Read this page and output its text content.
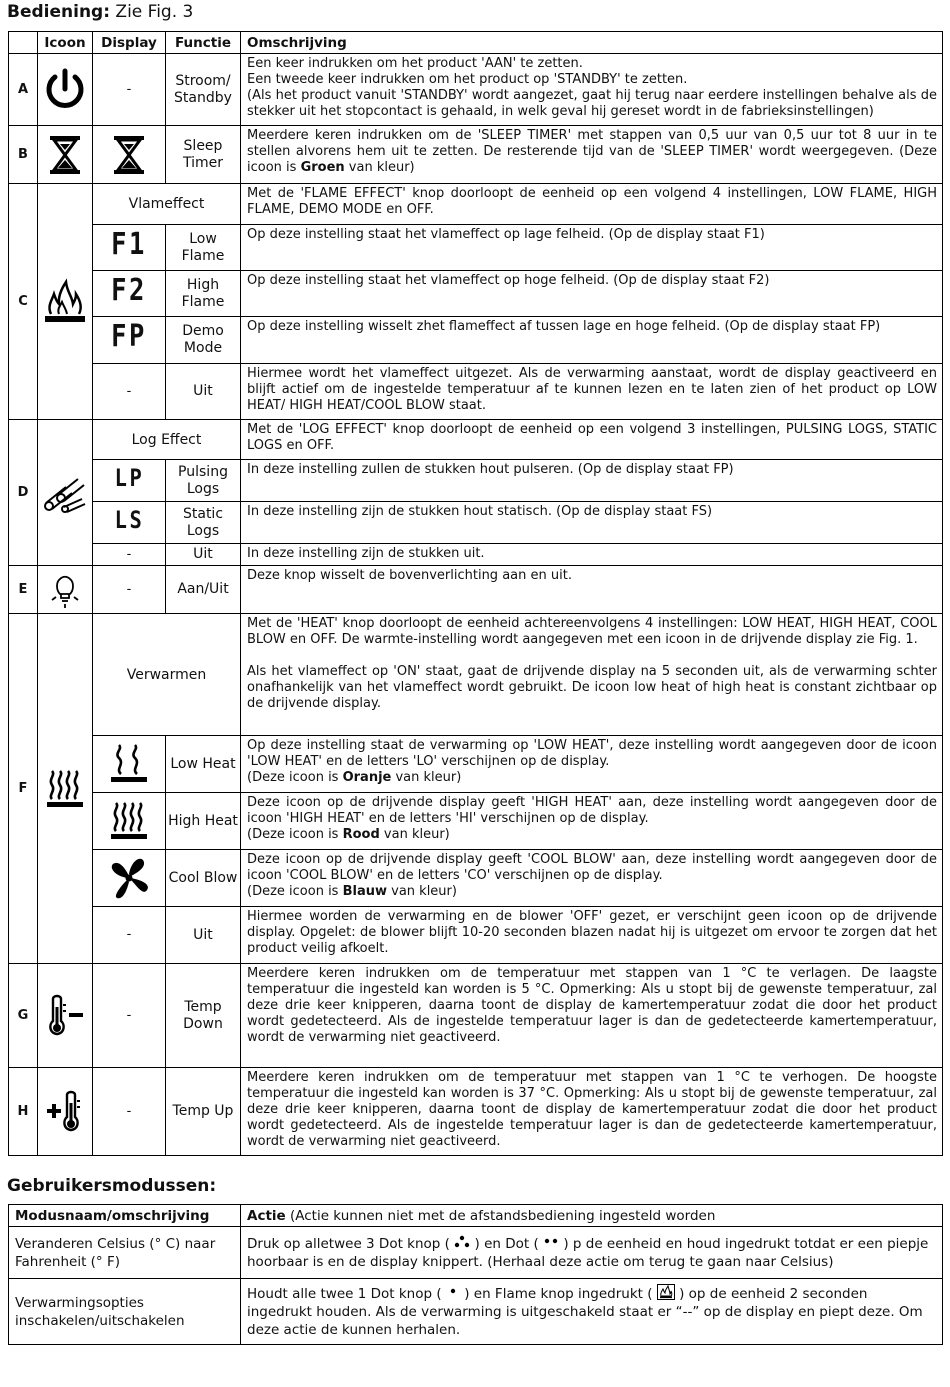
Bediening: Zie Fig. 3
	Icoon	Display	Functie	Omschrijving
A		-	Stroom/ Standby	Een keer indrukken om het product 'AAN' te zetten.

Een tweede keer indrukken om het product op 'STANDBY' te zetten.

(Als het product vanuit 'STANDBY' wordt aangezet, gaat hij terug naar eerdere instellingen behalve als de stekker uit het stopcontact is gehaald, in welk geval hij gereset wordt in de fabrieksinstellingen)

B			Sleep Timer	Meerdere keren indrukken om de 'SLEEP TIMER' met stappen van 0,5 uur van 0,5 uur tot 8 uur in te stellen alvorens hem uit te zetten. De resterende tijd van de 'SLEEP TIMER' wordt weergegeven. (Deze icoon is Groen van kleur)
C		Vlameffect		Met de 'FLAME EFFECT' knop doorloopt de eenheid op een volgend 4 instellingen, LOW FLAME, HIGH FLAME, DEMO MODE en OFF.
		F1	Low Flame	Op deze instelling staat het vlameffect op lage felheid. (Op de display staat F1)
		F2	High Flame	Op deze instelling staat het vlameffect op hoge felheid. (Op de display staat F2)
		FP	Demo Mode	Op deze instelling wisselt zhet flameffect af tussen lage en hoge felheid. (Op de display staat FP)
		-	Uit	Hiermee wordt het vlameffect uitgezet. Als de verwarming aanstaat, wordt de display geactiveerd en blijft actief om de ingestelde temperatuur af te kunnen lezen en te laten zien of het product op LOW HEAT/ HIGH HEAT/COOL BLOW staat.
D		Log Effect		Met de 'LOG EFFECT' knop doorloopt de eenheid op een volgend 3 instellingen, PULSING LOGS, STATIC LOGS en OFF.
		LP	Pulsing Logs	In deze instelling zullen de stukken hout pulseren. (Op de display staat FP)
		LS	Static Logs	In deze instelling zijn de stukken hout statisch. (Op de display staat FS)
		-	Uit	In deze instelling zijn de stukken uit.
E		-	Aan/Uit	Deze knop wisselt de bovenverlichting aan en uit.
F		Verwarmen		Met de 'HEAT' knop doorloopt de eenheid achtereenvolgens 4 instellingen: LOW HEAT, HIGH HEAT, COOL BLOW en OFF. De warmte-instelling wordt aangegeven met een icoon in de drijvende display zie Fig. 1.

Als het vlameffect op 'ON' staat, gaat de drijvende display na 5 seconden uit, als de verwarming schter onafhankelijk van het vlameffect wordt gebruikt. De icoon low heat of high heat is constant zichtbaar op de drijvende display.

	Low Heat	Op deze instelling staat de verwarming op 'LOW HEAT', deze instelling wordt aangegeven door de icoon 'LOW HEAT' en de letters 'LO' verschijnen op de display.
(Deze icoon is Oranje van kleur)

	High Heat	Deze icoon op de drijvende display geeft 'HIGH HEAT' aan, deze instelling wordt aangegeven door de icoon 'HIGH HEAT' en de letters 'HI' verschijnen op de display.
(Deze icoon is Rood van kleur)

	Cool Blow	Deze icoon op de drijvende display geeft 'COOL BLOW' aan, deze instelling wordt aangegeven door de icoon 'COOL BLOW' en de letters 'CO' verschijnen op de display.
(Deze icoon is Blauw van kleur)
		-	Uit	Hiermee worden de verwarming en de blower 'OFF' gezet, er verschijnt geen icoon op de drijvende display. Opgelet: de blower blijft 10-20 seconden blazen nadat hij is uitgezet om ervoor te zorgen dat het product veilig afkoelt.
G		-	Temp Down	Meerdere keren indrukken om de temperatuur met stappen van 1 °C te verlagen. De laagste temperatuur die ingesteld kan worden is 5 °C. Opmerking: Als u stopt bij de gewenste temperatuur, zal deze drie keer knipperen, daarna toont de display de kamertemperatuur zodat die door het product wordt gedetecteerd. Als de ingestelde temperatuur lager is dan de gedetecteerde kamertemperatuur, wordt de verwarming niet geactiveerd.
H		-	Temp Up	Meerdere keren indrukken om de temperatuur met stappen van 1 °C te verhogen. De hoogste temperatuur die ingesteld kan worden is 37 °C. Opmerking: Als u stopt bij de gewenste temperatuur, zal deze drie keer knipperen, daarna toont de display de kamertemperatuur zodat die door het product wordt gedetecteerd. Als de ingestelde temperatuur lager is dan de gedetecteerde kamertemperatuur, wordt de verwarming niet geactiveerd.
Gebruikersmodussen:
Modusnaam/omschrijving	Actie (Actie kunnen niet met de afstandsbediening ingesteld worden
Veranderen Celsius (° C) naar Fahrenheit (° F)	Druk op alletwee 3 Dot knop ( ) en Dot ( ) p de eenheid en houd ingedrukt totdat er een piepje hoorbaar is en de display knippert. (Herhaal deze actie om terug te gaan naar Celsius)
Verwarmingsopties inschakelen/uitschakelen	Houdt alle twee 1 Dot knop ( ) en Flame knop ingedrukt ( ) op de eenheid 2 seconden ingedrukt houden. Als de verwarming is uitgeschakeld staat er “--” op de display en piept deze. Om deze actie de kunnen herhalen.
